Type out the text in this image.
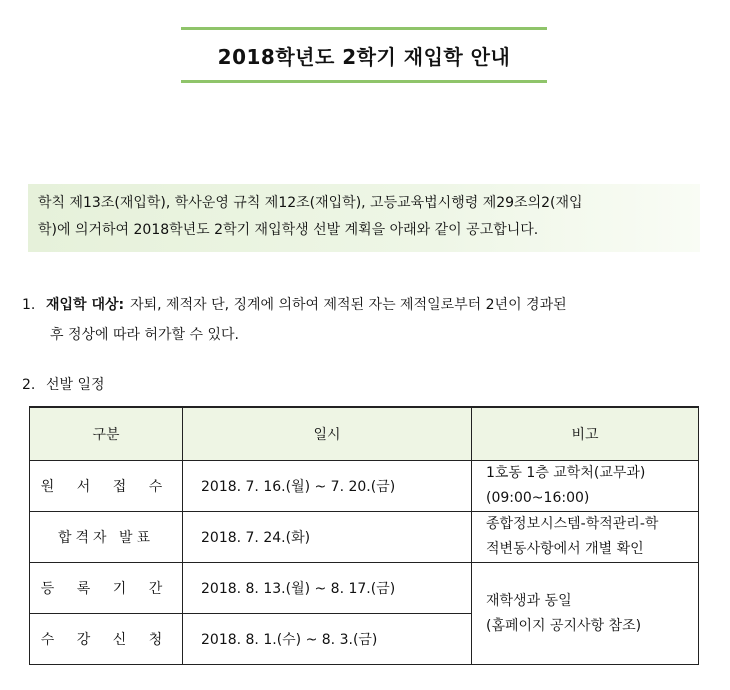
2018학년도 2학기 재입학 안내
학칙 제13조(재입학), 학사운영 규칙 제12조(재입학), 고등교육법시행령 제29조의2(재입
학)에 의거하여 2018학년도 2학기 재입학생 선발 계획을 아래와 같이 공고합니다.
1. 재입학 대상: 자퇴, 제적자 단, 징계에 의하여 제적된 자는 제적일로부터 2년이 경과된
후 정상에 따라 허가할 수 있다.
2. 선발 일정
구분	일시	비고
원 서 접 수	2018. 7. 16.(월) ~ 7. 20.(금)	1호동 1층 교학처(교무과)
(09:00~16:00)

합격자 발표	2018. 7. 24.(화)	종합정보시스템-학적관리-학
적변동사항에서 개별 확인

등 록 기 간	2018. 8. 13.(월) ~ 8. 17.(금)	재학생과 동일
(홈페이지 공지사항 참조)

수 강 신 청	2018. 8. 1.(수) ~ 8. 3.(금)	
